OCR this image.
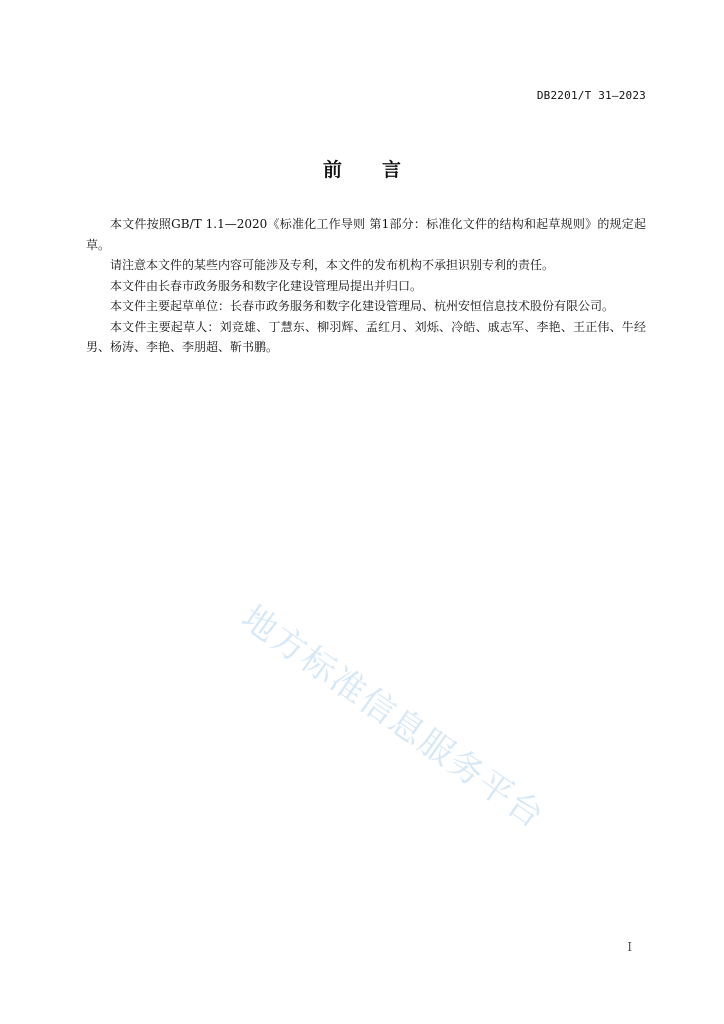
DB2201/T 31—2023
前 言

本文件按照GB/T 1.1—2020《标准化工作导则 第1部分：标准化文件的结构和起草规则》的规定起草。

请注意本文件的某些内容可能涉及专利，本文件的发布机构不承担识别专利的责任。

本文件由长春市政务服务和数字化建设管理局提出并归口。

本文件主要起草单位：长春市政务服务和数字化建设管理局、杭州安恒信息技术股份有限公司。

本文件主要起草人：刘竞雄、丁慧东、柳羽辉、孟红月、刘烁、冷皓、戚志军、李艳、王正伟、牛经男、杨涛、李艳、李朋超、靳书鹏。

地方标准信息服务平台
I
